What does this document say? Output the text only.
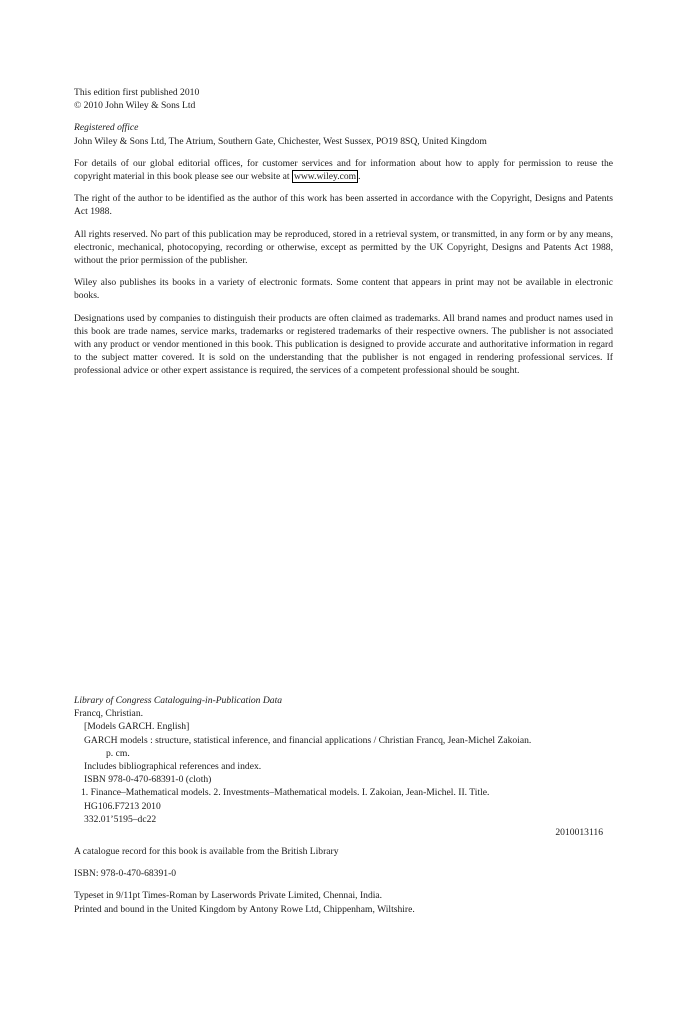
This edition first published 2010

© 2010 John Wiley & Sons Ltd

Registered office

John Wiley & Sons Ltd, The Atrium, Southern Gate, Chichester, West Sussex, PO19 8SQ, United Kingdom

For details of our global editorial offices, for customer services and for information about how to apply for permission to reuse the copyright material in this book please see our website at www.wiley.com .

The right of the author to be identified as the author of this work has been asserted in accordance with the Copyright, Designs and Patents Act 1988.

All rights reserved. No part of this publication may be reproduced, stored in a retrieval system, or transmitted, in any form or by any means, electronic, mechanical, photocopying, recording or otherwise, except as permitted by the UK Copyright, Designs and Patents Act 1988, without the prior permission of the publisher.

Wiley also publishes its books in a variety of electronic formats. Some content that appears in print may not be available in electronic books.

Designations used by companies to distinguish their products are often claimed as trademarks. All brand names and product names used in this book are trade names, service marks, trademarks or registered trademarks of their respective owners. The publisher is not associated with any product or vendor mentioned in this book. This publication is designed to provide accurate and authoritative information in regard to the subject matter covered. It is sold on the understanding that the publisher is not engaged in rendering professional services. If professional advice or other expert assistance is required, the services of a competent professional should be sought.

Library of Congress Cataloguing-in-Publication Data

Francq, Christian.

[Models GARCH. English]

GARCH models : structure, statistical inference, and financial applications / Christian Francq, Jean-Michel Zakoian.

p. cm.

Includes bibliographical references and index.

ISBN 978-0-470-68391-0 (cloth)

1. Finance–Mathematical models. 2. Investments–Mathematical models. I. Zakoian, Jean-Michel. II. Title.

HG106.F7213 2010

332.01’5195–dc22

2010013116

A catalogue record for this book is available from the British Library

ISBN: 978-0-470-68391-0

Typeset in 9/11pt Times-Roman by Laserwords Private Limited, Chennai, India.

Printed and bound in the United Kingdom by Antony Rowe Ltd, Chippenham, Wiltshire.
